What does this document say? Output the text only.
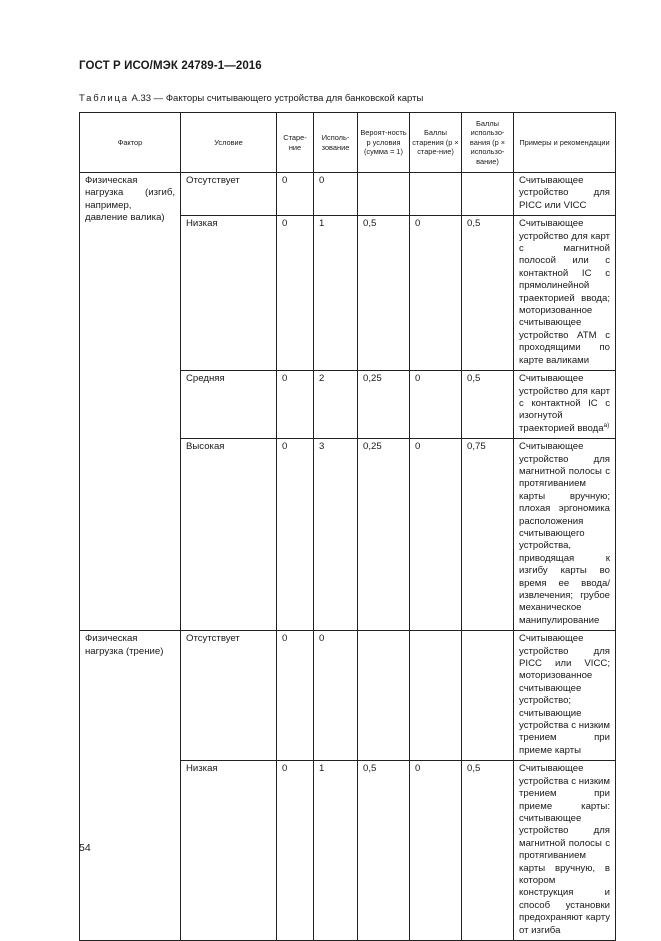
ГОСТ Р ИСО/МЭК 24789-1—2016
Таблица А.33 — Факторы считывающего устройства для банковской карты
Фактор	Условие	Старе-ние	Исполь-зование	Вероят-ность p условия (сумма = 1)	Баллы старения (p × старе-ние)	Баллы использо-вания (p × использо-вание)	Примеры и рекомендации
Физическая нагрузка (изгиб, например, давление валика)	Отсутствует	0	0				Считывающее устройство для PICC или VICC
	Низкая	0	1	0,5	0	0,5	Считывающее устройство для карт с магнитной полосой или с контактной IC с прямолинейной траекторией ввода; моторизованное считывающее устройство ATM с проходящими по карте валиками
	Средняя	0	2	0,25	0	0,5	Считывающее устройство для карт с контактной IC с изогнутой траекторией ввода$^{а)}$
	Высокая	0	3	0,25	0	0,75	Считывающее устройство для магнитной полосы с протягиванием карты вручную; плохая эргономика расположения считывающего устройства, приводящая к изгибу карты во время ее ввода/извлечения; грубое механическое манипулирование
Физическая нагрузка (трение)	Отсутствует	0	0				Считывающее устройство для PICC или VICC; моторизованное считывающее устройство; считывающие устройства с низким трением при приеме карты
	Низкая	0	1	0,5	0	0,5	Считывающее устройства с низким трением при приеме карты: считывающее устройство для магнитной полосы с протягиванием карты вручную, в котором конструкция и способ установки предохраняют карту от изгиба
54
